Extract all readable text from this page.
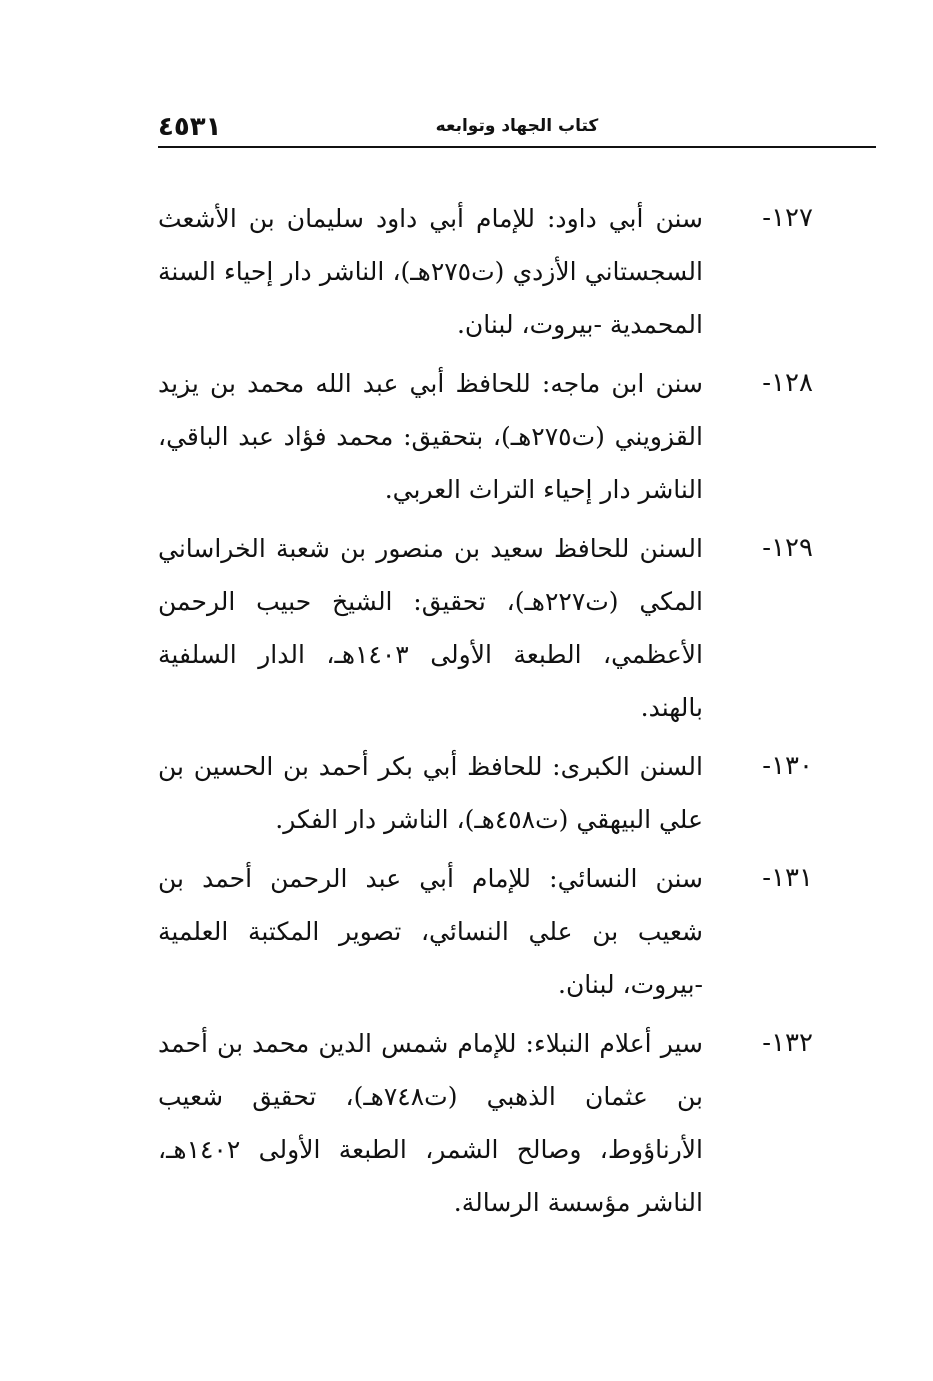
٤٥٣١	كتاب الجهاد وتوابعه
١٢٧-
سنن أبي داود: للإمام أبي داود سليمان بن الأشعث السجستاني الأزدي (ت٢٧٥هـ)، الناشر دار إحياء السنة المحمدية -بيروت، لبنان.
١٢٨-
سنن ابن ماجه: للحافظ أبي عبد الله محمد بن يزيد القزويني (ت٢٧٥هـ)، بتحقيق: محمد فؤاد عبد الباقي، الناشر دار إحياء التراث العربي.
١٢٩-
السنن للحافظ سعيد بن منصور بن شعبة الخراساني المكي (ت٢٢٧هـ)، تحقيق: الشيخ حبيب الرحمن الأعظمي، الطبعة الأولى ١٤٠٣هـ، الدار السلفية بالهند.
١٣٠-
السنن الكبرى: للحافظ أبي بكر أحمد بن الحسين بن علي البيهقي (ت٤٥٨هـ)، الناشر دار الفكر.
١٣١-
سنن النسائي: للإمام أبي عبد الرحمن أحمد بن شعيب بن علي النسائي، تصوير المكتبة العلمية -بيروت، لبنان.
١٣٢-
سير أعلام النبلاء: للإمام شمس الدين محمد بن أحمد بن عثمان الذهبي (ت٧٤٨هـ)، تحقيق شعيب الأرناؤوط، وصالح الشمر، الطبعة الأولى ١٤٠٢هـ، الناشر مؤسسة الرسالة.
